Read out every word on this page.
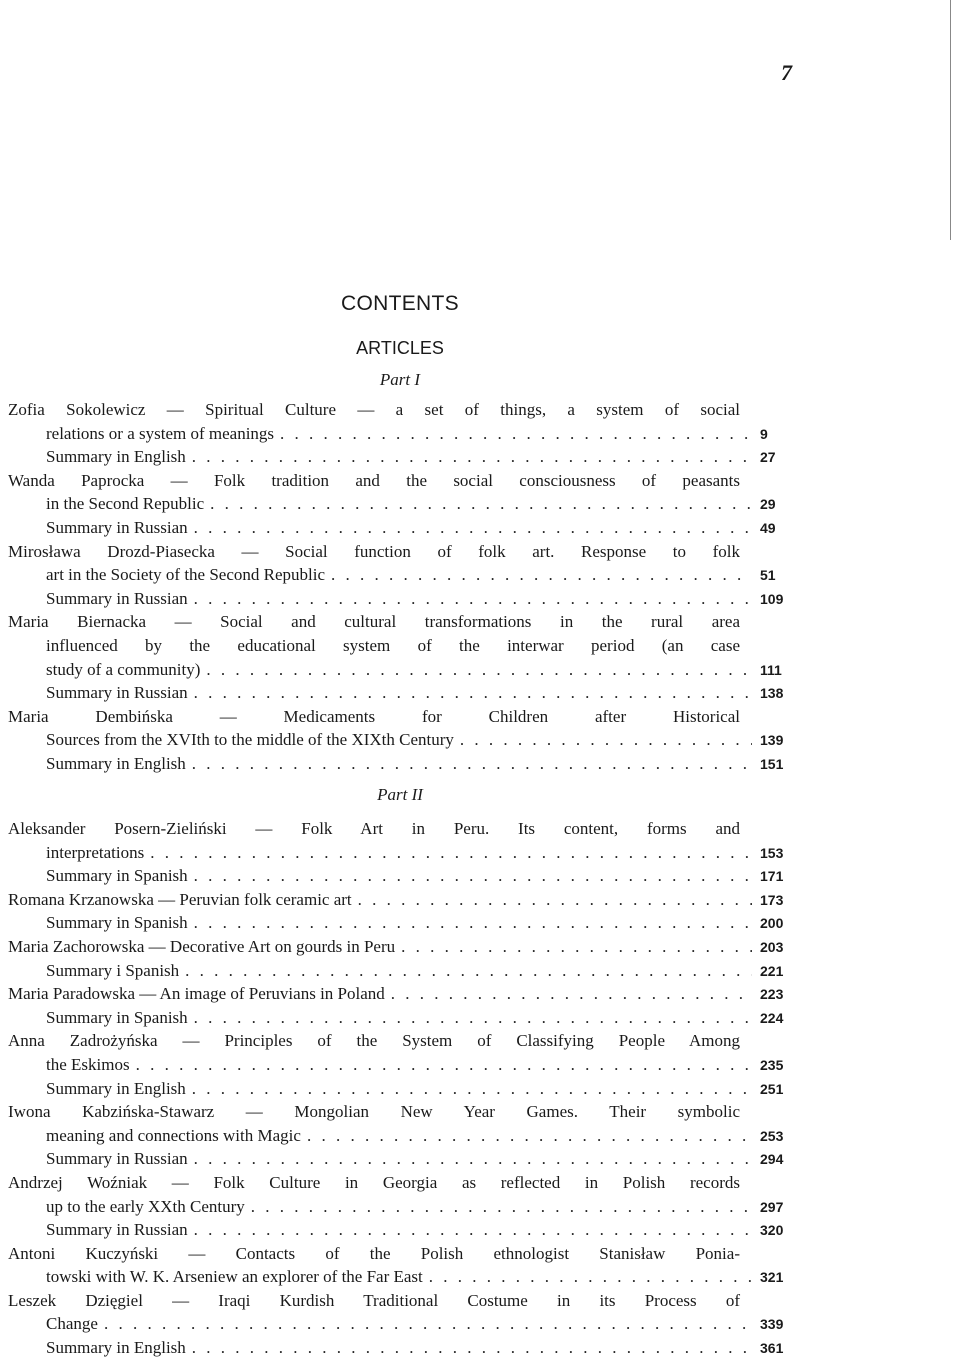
7
CONTENTS
ARTICLES
Part I
Zofia Sokolewicz — Spiritual Culture — a set of things, a system of social
relations or a system of meanings . . .	9
Summary in English . . .	27
Wanda Paprocka — Folk tradition and the social consciousness of peasants
in the Second Republic . . .	29
Summary in Russian . . .	49
Mirosława Drozd-Piasecka — Social function of folk art. Response to folk
art in the Society of the Second Republic . . .	51
Summary in Russian . . .	109
Maria Biernacka — Social and cultural transformations in the rural area
influenced by the educational system of the interwar period (an case
study of a community) . . .	111
Summary in Russian . . .	138
Maria Dembińska — Medicaments for Children after Historical
Sources from the XVIth to the middle of the XIXth Century . . .	139
Summary in English . . .	151
Part II
Aleksander Posern-Zieliński — Folk Art in Peru. Its content, forms and
interpretations . . .	153
Summary in Spanish . . .	171
Romana Krzanowska — Peruvian folk ceramic art . . .	173
Summary in Spanish . . .	200
Maria Zachorowska — Decorative Art on gourds in Peru . . .	203
Summary i Spanish . . .	221
Maria Paradowska — An image of Peruvians in Poland . . .	223
Summary in Spanish . . .	224
Anna Zadrożyńska — Principles of the System of Classifying People Among
the Eskimos . . .	235
Summary in English . . .	251
Iwona Kabzińska-Stawarz — Mongolian New Year Games. Their symbolic
meaning and connections with Magic . . .	253
Summary in Russian . . .	294
Andrzej Woźniak — Folk Culture in Georgia as reflected in Polish records
up to the early XXth Century . . .	297
Summary in Russian . . .	320
Antoni Kuczyński — Contacts of the Polish ethnologist Stanisław Ponia-
towski with W. K. Arseniew an explorer of the Far East . . .	321
Leszek Dzięgiel — Iraqi Kurdish Traditional Costume in its Process of
Change . . .	339
Summary in English . . .	361
